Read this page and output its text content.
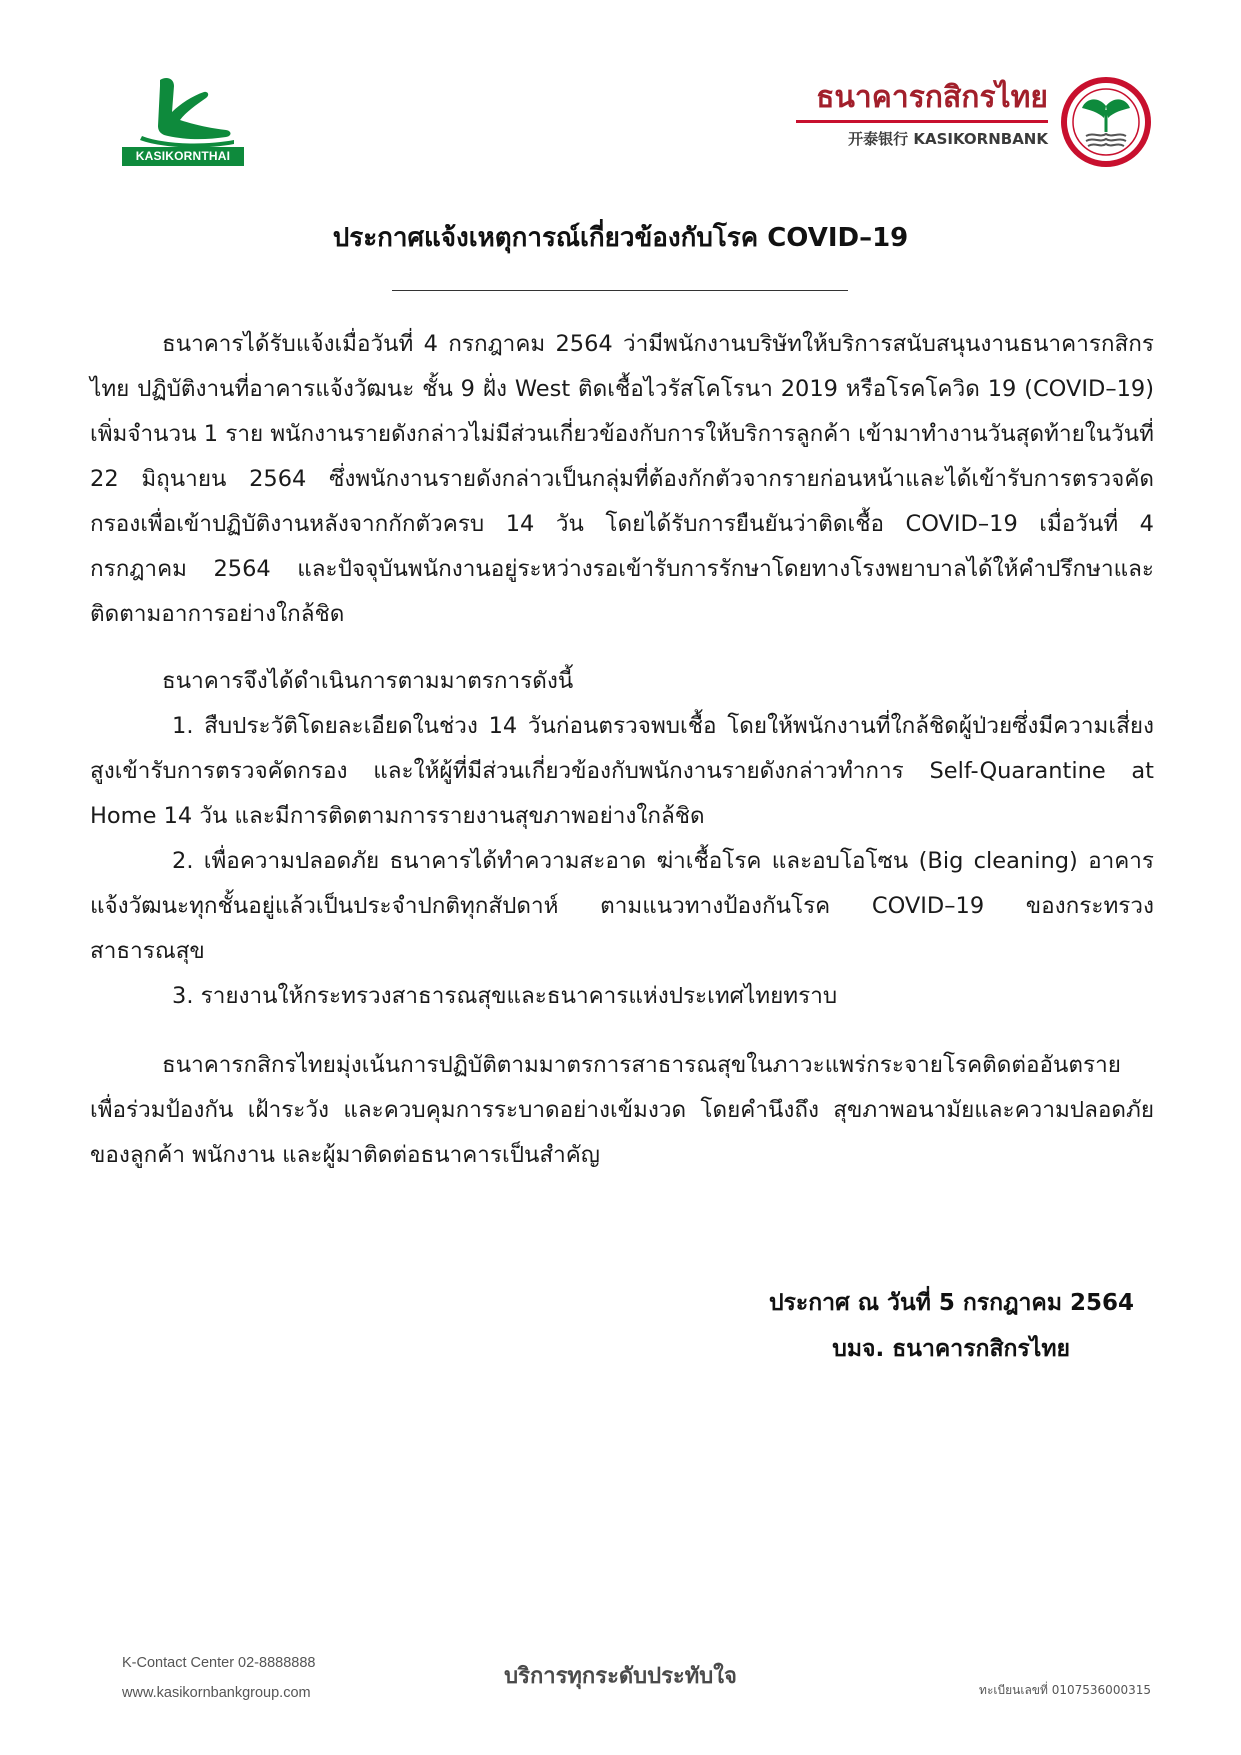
KASIKORNTHAI
ธนาคารกสิกรไทย
开泰银行 KASIKORNBANK
ประกาศแจ้งเหตุการณ์เกี่ยวข้องกับโรค COVID–19

ธนาคารได้รับแจ้งเมื่อวันที่ 4 กรกฎาคม 2564 ว่ามีพนักงานบริษัทให้บริการสนับสนุนงานธนาคารกสิกรไทย ปฏิบัติงานที่อาคารแจ้งวัฒนะ ชั้น 9 ฝั่ง West ติดเชื้อไวรัสโคโรนา 2019 หรือโรคโควิด 19 (COVID–19) เพิ่มจำนวน 1 ราย พนักงานรายดังกล่าวไม่มีส่วนเกี่ยวข้องกับการให้บริการลูกค้า เข้ามาทำงานวันสุดท้ายในวันที่ 22 มิถุนายน 2564 ซึ่งพนักงานรายดังกล่าวเป็นกลุ่มที่ต้องกักตัวจากรายก่อนหน้าและได้เข้ารับการตรวจคัดกรองเพื่อเข้าปฏิบัติงานหลังจากกักตัวครบ 14 วัน โดยได้รับการยืนยันว่าติดเชื้อ COVID–19 เมื่อวันที่ 4 กรกฎาคม 2564 และปัจจุบันพนักงานอยู่ระหว่างรอเข้ารับการรักษาโดยทางโรงพยาบาลได้ให้คำปรึกษาและติดตามอาการอย่างใกล้ชิด

ธนาคารจึงได้ดำเนินการตามมาตรการดังนี้

1. สืบประวัติโดยละเอียดในช่วง 14 วันก่อนตรวจพบเชื้อ โดยให้พนักงานที่ใกล้ชิดผู้ป่วยซึ่งมีความเสี่ยงสูงเข้ารับการตรวจคัดกรอง และให้ผู้ที่มีส่วนเกี่ยวข้องกับพนักงานรายดังกล่าวทำการ Self-Quarantine at Home 14 วัน และมีการติดตามการรายงานสุขภาพอย่างใกล้ชิด

2. เพื่อความปลอดภัย ธนาคารได้ทำความสะอาด ฆ่าเชื้อโรค และอบโอโซน (Big cleaning) อาคารแจ้งวัฒนะทุกชั้นอยู่แล้วเป็นประจำปกติทุกสัปดาห์ ตามแนวทางป้องกันโรค COVID–19 ของกระทรวงสาธารณสุข

3. รายงานให้กระทรวงสาธารณสุขและธนาคารแห่งประเทศไทยทราบ

ธนาคารกสิกรไทยมุ่งเน้นการปฏิบัติตามมาตรการสาธารณสุขในภาวะแพร่กระจายโรคติดต่ออันตราย เพื่อร่วมป้องกัน เฝ้าระวัง และควบคุมการระบาดอย่างเข้มงวด โดยคำนึงถึง สุขภาพอนามัยและความปลอดภัยของลูกค้า พนักงาน และผู้มาติดต่อธนาคารเป็นสำคัญ

ประกาศ ณ วันที่ 5 กรกฎาคม 2564
บมจ. ธนาคารกสิกรไทย
K-Contact Center 02-8888888
www.kasikornbankgroup.com
บริการทุกระดับประทับใจ
ทะเบียนเลขที่ 0107536000315
